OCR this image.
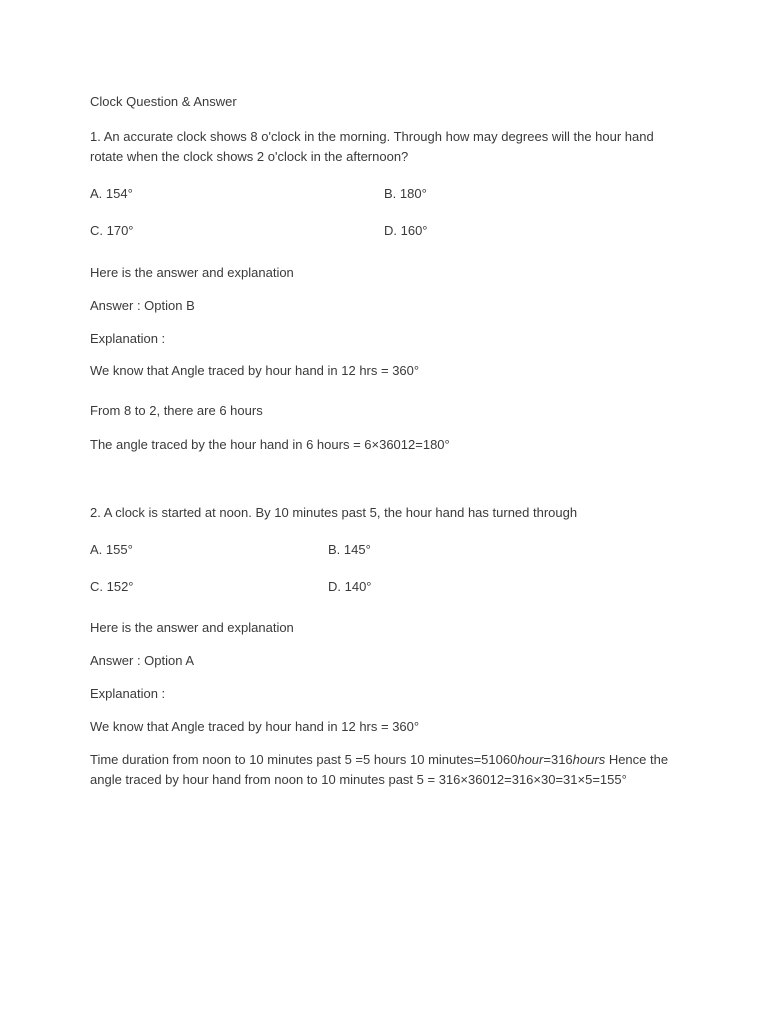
Clock Question & Answer
1. An accurate clock shows 8 o'clock in the morning. Through how may degrees will the hour hand
rotate when the clock shows 2 o'clock in the afternoon?
A. 154°	B. 180°
C. 170°	D. 160°
Here is the answer and explanation
Answer : Option B
Explanation :
We know that Angle traced by hour hand in 12 hrs = 360°
From 8 to 2, there are 6 hours
The angle traced by the hour hand in 6 hours = 6×36012=180°
2. A clock is started at noon. By 10 minutes past 5, the hour hand has turned through
A. 155°	B. 145°
C. 152°	D. 140°
Here is the answer and explanation
Answer : Option A
Explanation :
We know that Angle traced by hour hand in 12 hrs = 360°
Time duration from noon to 10 minutes past 5 =5 hours 10 minutes=51060hour=316hours Hence the
angle traced by hour hand from noon to 10 minutes past 5 = 316×36012=316×30=31×5=155°
